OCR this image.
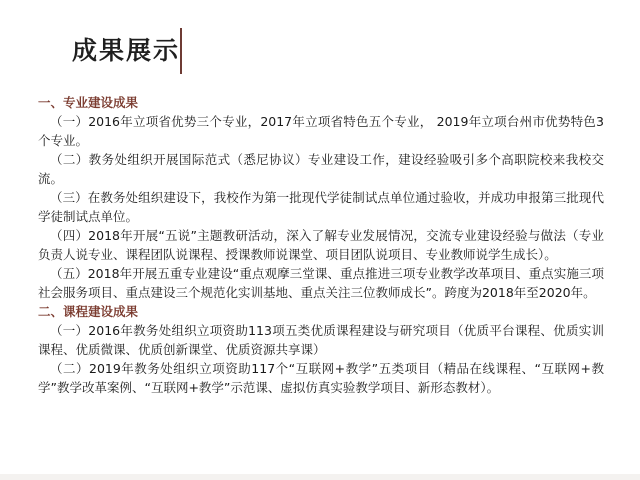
成果展示
一、专业建设成果
（一）2016年立项省优势三个专业，2017年立项省特色五个专业， 2019年立项台州市优势特色3个专业。
（二）教务处组织开展国际范式（悉尼协议）专业建设工作，建设经验吸引多个高职院校来我校交流。
（三）在教务处组织建设下，我校作为第一批现代学徒制试点单位通过验收，并成功申报第三批现代学徒制试点单位。
（四）2018年开展“五说”主题教研活动，深入了解专业发展情况，交流专业建设经验与做法（专业负责人说专业、课程团队说课程、授课教师说课堂、项目团队说项目、专业教师说学生成长）。
（五）2018年开展五重专业建设“重点观摩三堂课、重点推进三项专业教学改革项目、重点实施三项社会服务项目、重点建设三个规范化实训基地、重点关注三位教师成长”。跨度为2018年至2020年。
二、课程建设成果
（一）2016年教务处组织立项资助113项五类优质课程建设与研究项目（优质平台课程、优质实训课程、优质微课、优质创新课堂、优质资源共享课）
（二）2019年教务处组织立项资助117个“互联网+教学”五类项目（精品在线课程、“互联网+教学”教学改革案例、“互联网+教学”示范课、虚拟仿真实验教学项目、新形态教材）。
